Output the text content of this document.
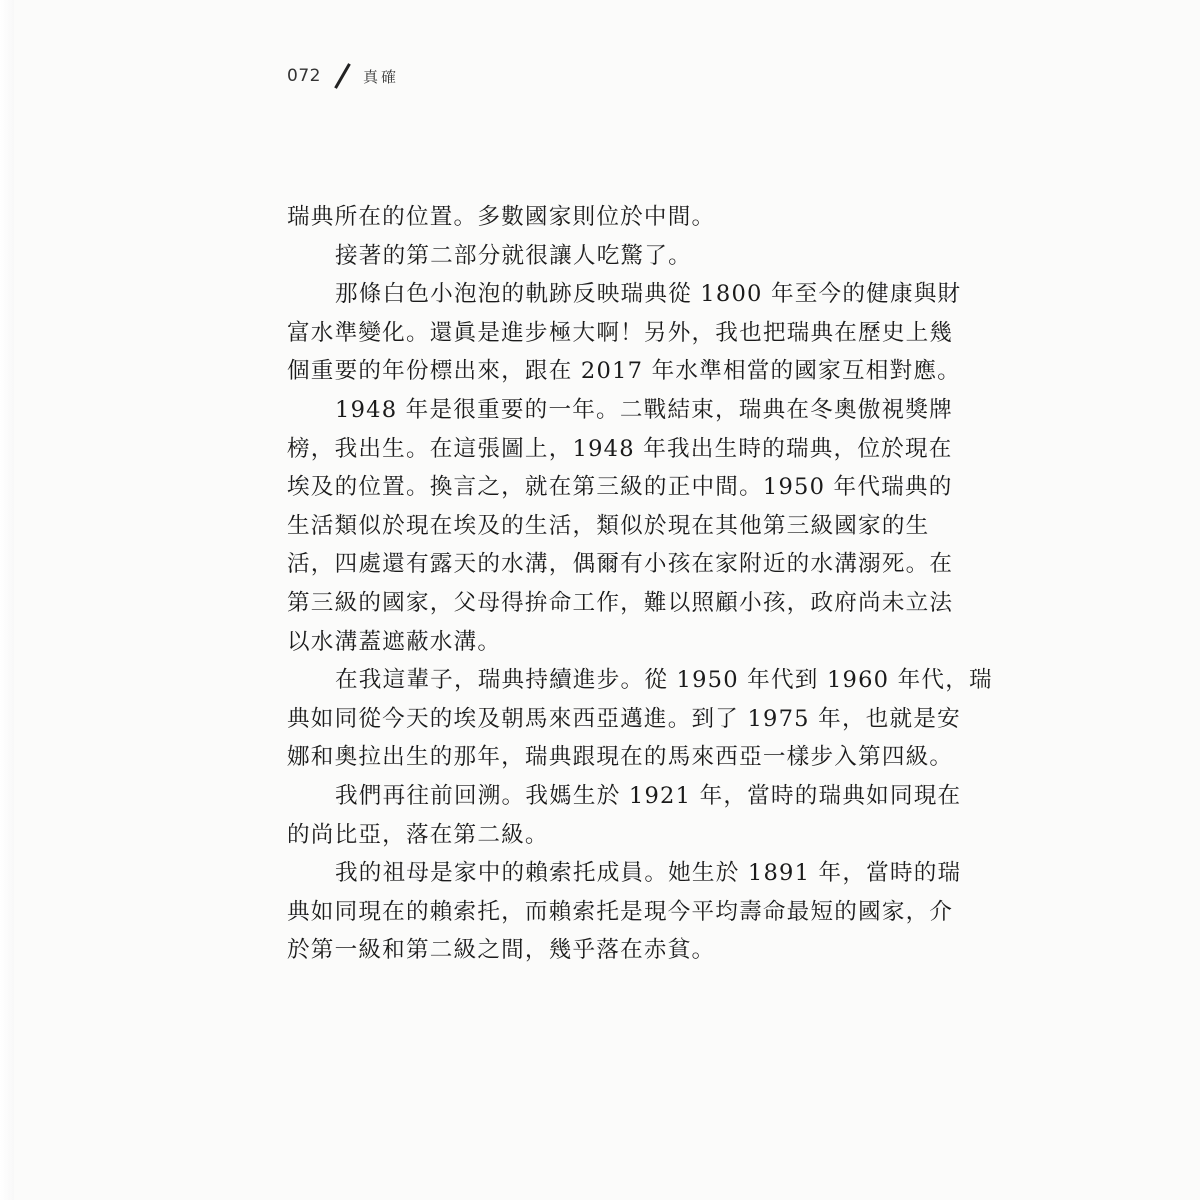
072	真確
瑞典所在的位置。多數國家則位於中間。
接著的第二部分就很讓人吃驚了。
那條白色小泡泡的軌跡反映瑞典從 1800 年至今的健康與財
富水準變化。還眞是進步極大啊！另外，我也把瑞典在歷史上幾
個重要的年份標出來，跟在 2017 年水準相當的國家互相對應。
1948 年是很重要的一年。二戰結束，瑞典在冬奧傲視獎牌
榜，我出生。在這張圖上，1948 年我出生時的瑞典，位於現在
埃及的位置。換言之，就在第三級的正中間。1950 年代瑞典的
生活類似於現在埃及的生活，類似於現在其他第三級國家的生
活，四處還有露天的水溝，偶爾有小孩在家附近的水溝溺死。在
第三級的國家，父母得拚命工作，難以照顧小孩，政府尚未立法
以水溝蓋遮蔽水溝。
在我這輩子，瑞典持續進步。從 1950 年代到 1960 年代，瑞
典如同從今天的埃及朝馬來西亞邁進。到了 1975 年，也就是安
娜和奧拉出生的那年，瑞典跟現在的馬來西亞一樣步入第四級。
我們再往前回溯。我媽生於 1921 年，當時的瑞典如同現在
的尚比亞，落在第二級。
我的祖母是家中的賴索托成員。她生於 1891 年，當時的瑞
典如同現在的賴索托，而賴索托是現今平均壽命最短的國家，介
於第一級和第二級之間，幾乎落在赤貧。
